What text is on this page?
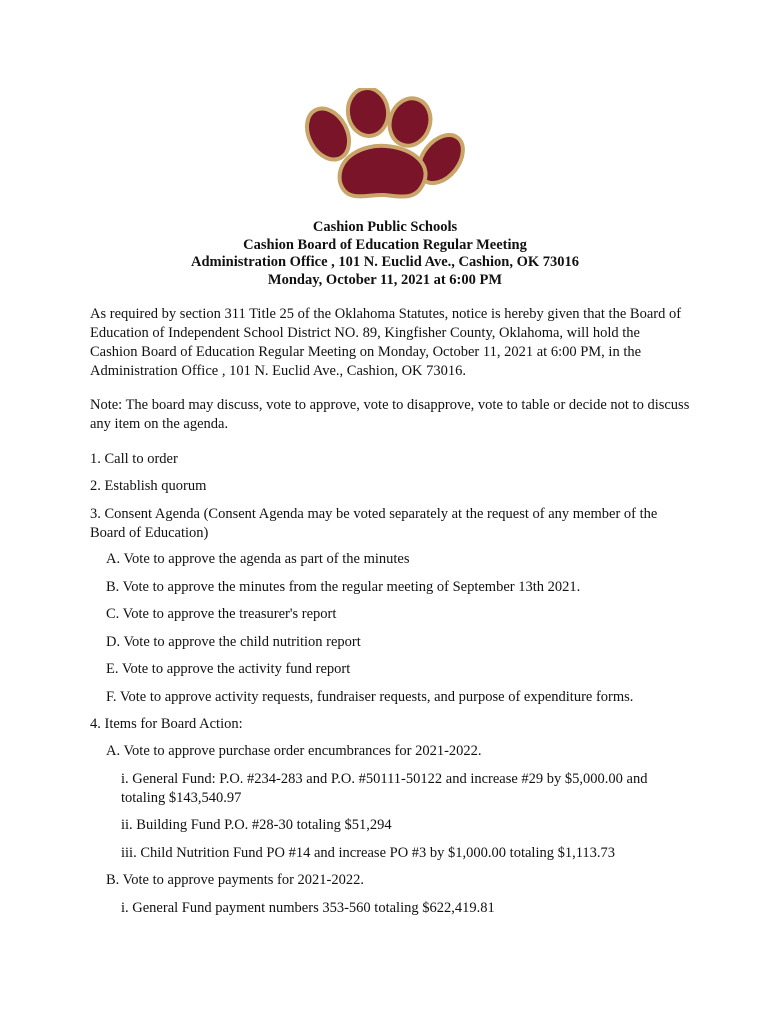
Cashion Public Schools
Cashion Board of Education Regular Meeting
Administration Office , 101 N. Euclid Ave., Cashion, OK 73016
Monday, October 11, 2021 at 6:00 PM
As required by section 311 Title 25 of the Oklahoma Statutes, notice is hereby given that the Board of Education of Independent School District NO. 89, Kingfisher County, Oklahoma, will hold the Cashion Board of Education Regular Meeting on Monday, October 11, 2021 at 6:00 PM, in the Administration Office , 101 N. Euclid Ave., Cashion, OK 73016.
Note: The board may discuss, vote to approve, vote to disapprove, vote to table or decide not to discuss any item on the agenda.
1. Call to order
2. Establish quorum
3. Consent Agenda (Consent Agenda may be voted separately at the request of any member of the Board of Education)
A. Vote to approve the agenda as part of the minutes
B. Vote to approve the minutes from the regular meeting of September 13th 2021.
C. Vote to approve the treasurer's report
D. Vote to approve the child nutrition report
E. Vote to approve the activity fund report
F. Vote to approve activity requests, fundraiser requests, and purpose of expenditure forms.
4. Items for Board Action:
A. Vote to approve purchase order encumbrances for 2021-2022.
i. General Fund: P.O. #234-283 and P.O. #50111-50122 and increase #29 by $5,000.00 and totaling $143,540.97
ii. Building Fund P.O. #28-30 totaling $51,294
iii. Child Nutrition Fund PO #14 and increase PO #3 by $1,000.00 totaling $1,113.73
B. Vote to approve payments for 2021-2022.
i. General Fund payment numbers 353-560 totaling $622,419.81
